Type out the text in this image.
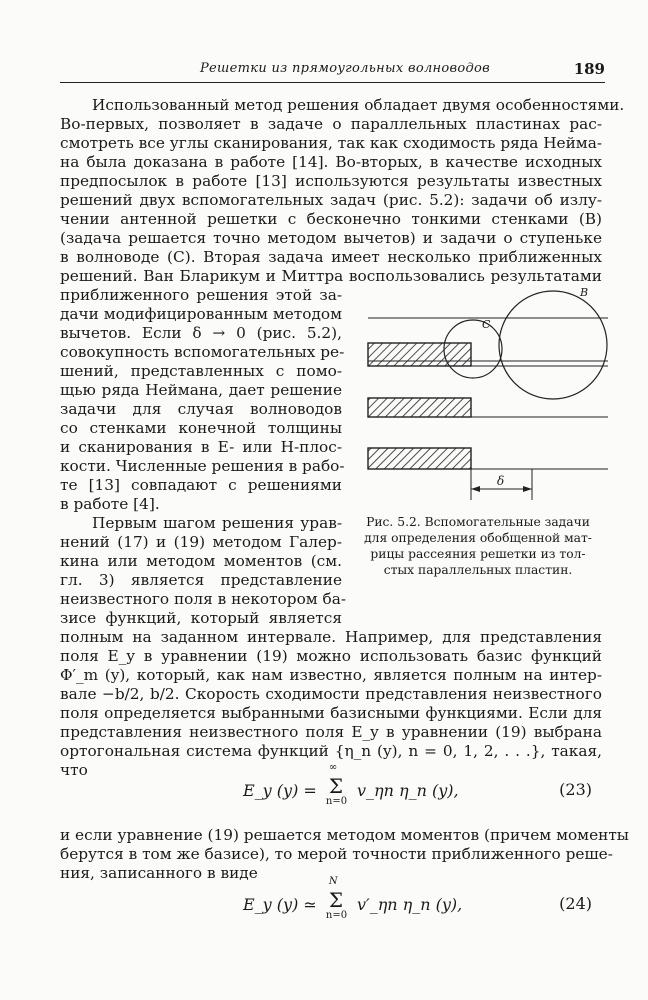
Решетки из прямоугольных волноводов	189
Использованный метод решения обладает двумя особенностями.
Во-первых, позволяет в задаче о параллельных пластинах рас-
смотреть все углы сканирования, так как сходимость ряда Нейма-
на была доказана в работе [14]. Во-вторых, в качестве исходных
предпосылок в работе [13] используются результаты известных
решений двух вспомогательных задач (рис. 5.2): задачи об излу-
чении антенной решетки с бесконечно тонкими стенками (B)
(задача решается точно методом вычетов) и задачи о ступеньке
в волноводе (C). Вторая задача имеет несколько приближенных
решений. Ван Бларикум и Миттра воспользовались результатами
приближенного решения этой за-
дачи модифицированным методом
вычетов. Если δ → 0 (рис. 5.2),
совокупность вспомогательных ре-
шений, представленных с помо-
щью ряда Неймана, дает решение
задачи для случая волноводов
со стенками конечной толщины
и сканирования в E- или H-плос-
кости. Численные решения в рабо-
те [13] совпадают с решениями
в работе [4].
Первым шагом решения урав-
нений (17) и (19) методом Галер-
кина или методом моментов (см.
гл. 3) является представление
неизвестного поля в некотором ба-
зисе функций, который является
полным на заданном интервале. Например, для представления
поля E_y в уравнении (19) можно использовать базис функций
Φ′_m (y), который, как нам известно, является полным на интер-
вале −b/2, b/2. Скорость сходимости представления неизвестного
поля определяется выбранными базисными функциями. Если для
представления неизвестного поля E_y в уравнении (19) выбрана
ортогональная система функций {η_n (y), n = 0, 1, 2, . . .}, такая,
что
E_y (y) =
∞
Σ
n=0
v_ηn η_n (y),	(23)
и если уравнение (19) решается методом моментов (причем моменты
берутся в том же базисе), то мерой точности приближенного реше-
ния, записанного в виде
E_y (y) ≃
N
Σ
n=0
v′_ηn η_n (y),	(24)
B
C
δ
Рис. 5.2. Вспомогательные задачи
для определения обобщенной мат-
рицы рассеяния решетки из тол-
стых параллельных пластин.
